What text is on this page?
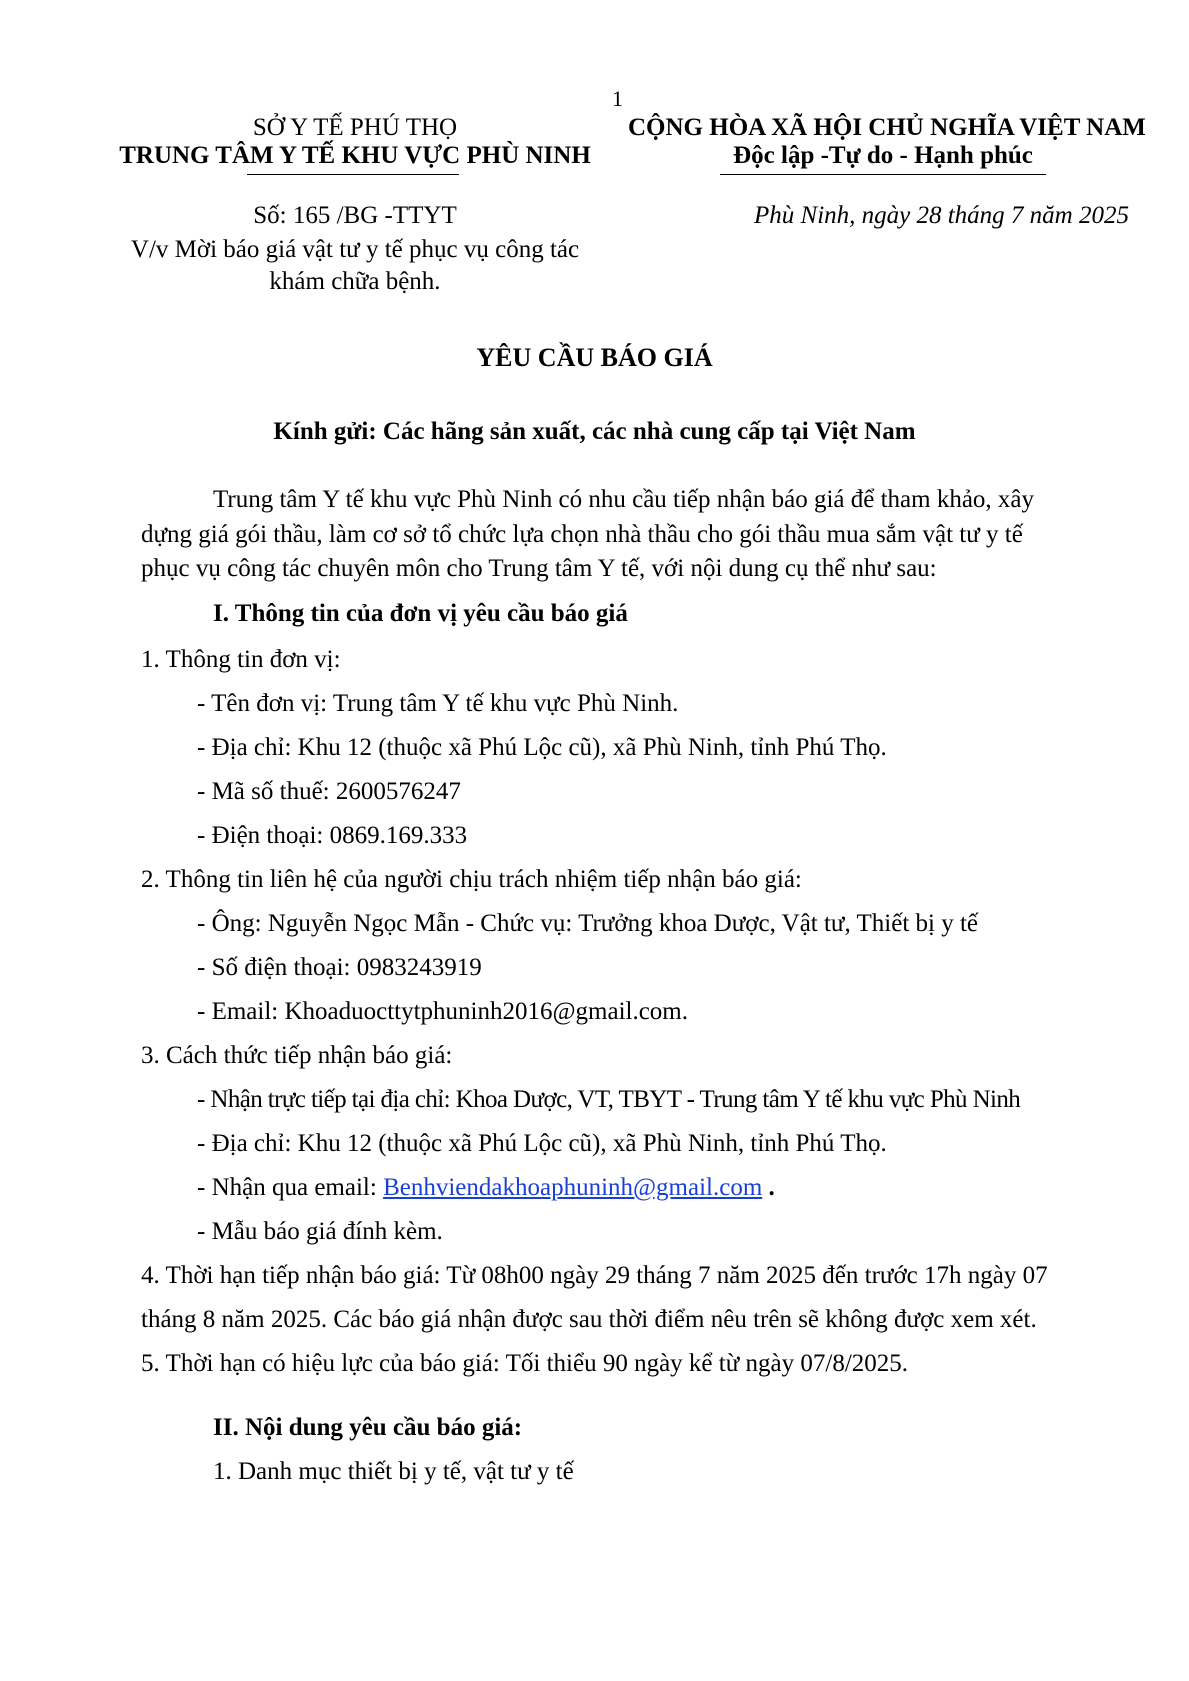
1
SỞ Y TẾ PHÚ THỌ
TRUNG TÂM Y TẾ KHU VỰC PHÙ NINH
CỘNG HÒA XÃ HỘI CHỦ NGHĨA VIỆT NAM
Độc lập -Tự do - Hạnh phúc
Số: 165 /BG -TTYT
V/v Mời báo giá vật tư y tế phục vụ công tác
khám chữa bệnh.
Phù Ninh, ngày 28 tháng 7 năm 2025
YÊU CẦU BÁO GIÁ
Kính gửi: Các hãng sản xuất, các nhà cung cấp tại Việt Nam
Trung tâm Y tế khu vực Phù Ninh có nhu cầu tiếp nhận báo giá để tham khảo, xây
dựng giá gói thầu, làm cơ sở tổ chức lựa chọn nhà thầu cho gói thầu mua sắm vật tư y tế
phục vụ công tác chuyên môn cho Trung tâm Y tế, với nội dung cụ thể như sau:
I. Thông tin của đơn vị yêu cầu báo giá
1. Thông tin đơn vị:
- Tên đơn vị: Trung tâm Y tế khu vực Phù Ninh.
- Địa chỉ: Khu 12 (thuộc xã Phú Lộc cũ), xã Phù Ninh, tỉnh Phú Thọ.
- Mã số thuế: 2600576247
- Điện thoại: 0869.169.333
2. Thông tin liên hệ của người chịu trách nhiệm tiếp nhận báo giá:
- Ông: Nguyễn Ngọc Mẫn - Chức vụ: Trưởng khoa Dược, Vật tư, Thiết bị y tế
- Số điện thoại: 0983243919
- Email: Khoaduocttytphuninh2016@gmail.com.
3. Cách thức tiếp nhận báo giá:
- Nhận trực tiếp tại địa chỉ: Khoa Dược, VT, TBYT - Trung tâm Y tế khu vực Phù Ninh
- Địa chỉ: Khu 12 (thuộc xã Phú Lộc cũ), xã Phù Ninh, tỉnh Phú Thọ.
- Nhận qua email: Benhviendakhoaphuninh@gmail.com .
- Mẫu báo giá đính kèm.
4. Thời hạn tiếp nhận báo giá: Từ 08h00 ngày 29 tháng 7 năm 2025 đến trước 17h ngày 07
tháng 8 năm 2025. Các báo giá nhận được sau thời điểm nêu trên sẽ không được xem xét.
5. Thời hạn có hiệu lực của báo giá: Tối thiểu 90 ngày kể từ ngày 07/8/2025.
II. Nội dung yêu cầu báo giá:
1. Danh mục thiết bị y tế, vật tư y tế
